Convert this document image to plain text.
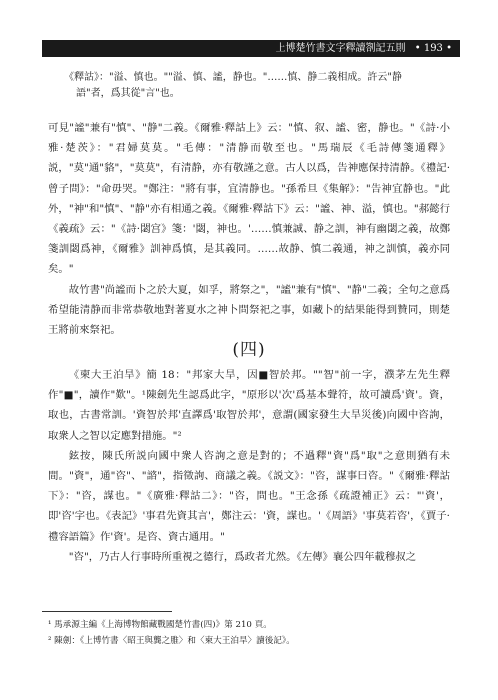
上博楚竹書文字釋讀劄記五則 • 193 •

《釋詁》："溢、慎也。""溢、慎、謐，静也。"……慎、静二義相成。許云"静

語"者，爲其從"言"也。

可見"謐"兼有"慎"、"静"二義。《爾雅·釋詁上》云："慎、叙、謐、密，静也。"《詩·小雅·楚茨》："君婦莫莫。"毛傳："清静而敬至也。"馬瑞辰《毛詩傳箋通釋》説，"莫"通"貉"，"莫莫"，有清静，亦有敬謹之意。古人以爲，告神應保持清静。《禮記·曾子問》："命毋哭。"鄭注："將有事，宜清静也。"孫希旦《集解》："告神宜静也。"此外，"神"和"慎"、"静"亦有相通之義。《爾雅·釋詁下》云："謐、神、溢，慎也。"郝懿行《義疏》云："《詩·閟宫》箋：'閟，神也。'……慎兼誠、静之訓，神有幽閟之義，故鄭箋訓閟爲神，《爾雅》訓神爲慎，是其義同。……故静、慎二義通，神之訓慎，義亦同矣。"

故竹書"尚謐而卜之於大夏，如孚，將祭之"，"謐"兼有"慎"、"静"二義；全句之意爲希望能清静而非常恭敬地對著夏水之神卜問祭祀之事，如藏卜的結果能得到贊同，則楚王將前來祭祀。

(四)

《柬大王泊旱》簡 18："邦家大旱，因■智於邦。""智"前一字，濮茅左先生釋作"■"，讀作"歎"。¹陳劍先生認爲此字，"原形以'次'爲基本聲符，故可讀爲'資'。資，取也，古書常訓。'資智於邦'直譯爲'取智於邦'，意謂(國家發生大旱災後)向國中咨詢，取衆人之智以定應對措施。"²

鉉按，陳氏所説向國中衆人咨詢之意是對的；不過釋"資"爲"取"之意則猶有未間。"資"，通"咨"、"諮"，指徵詢、商議之義。《説文》："咨，謀事曰咨。"《爾雅·釋詁下》："咨，謀也。"《廣雅·釋詁二》："咨，問也。"王念孫《疏證補正》云："'資'，即'咨'字也。《表記》'事君先資其言'，鄭注云：'資，謀也。'《周語》'事莫若咨'，《賈子·禮容語篇》作'資'。是咨、資古通用。"

"咨"，乃古人行事時所重視之德行，爲政者尤然。《左傳》襄公四年載穆叔之

¹ 馬承源主編《上海博物館藏戰國楚竹書(四)》第 210 頁。

² 陳劍：《上博竹書〈昭王與龔之脽〉和〈柬大王泊旱〉讀後記》。
